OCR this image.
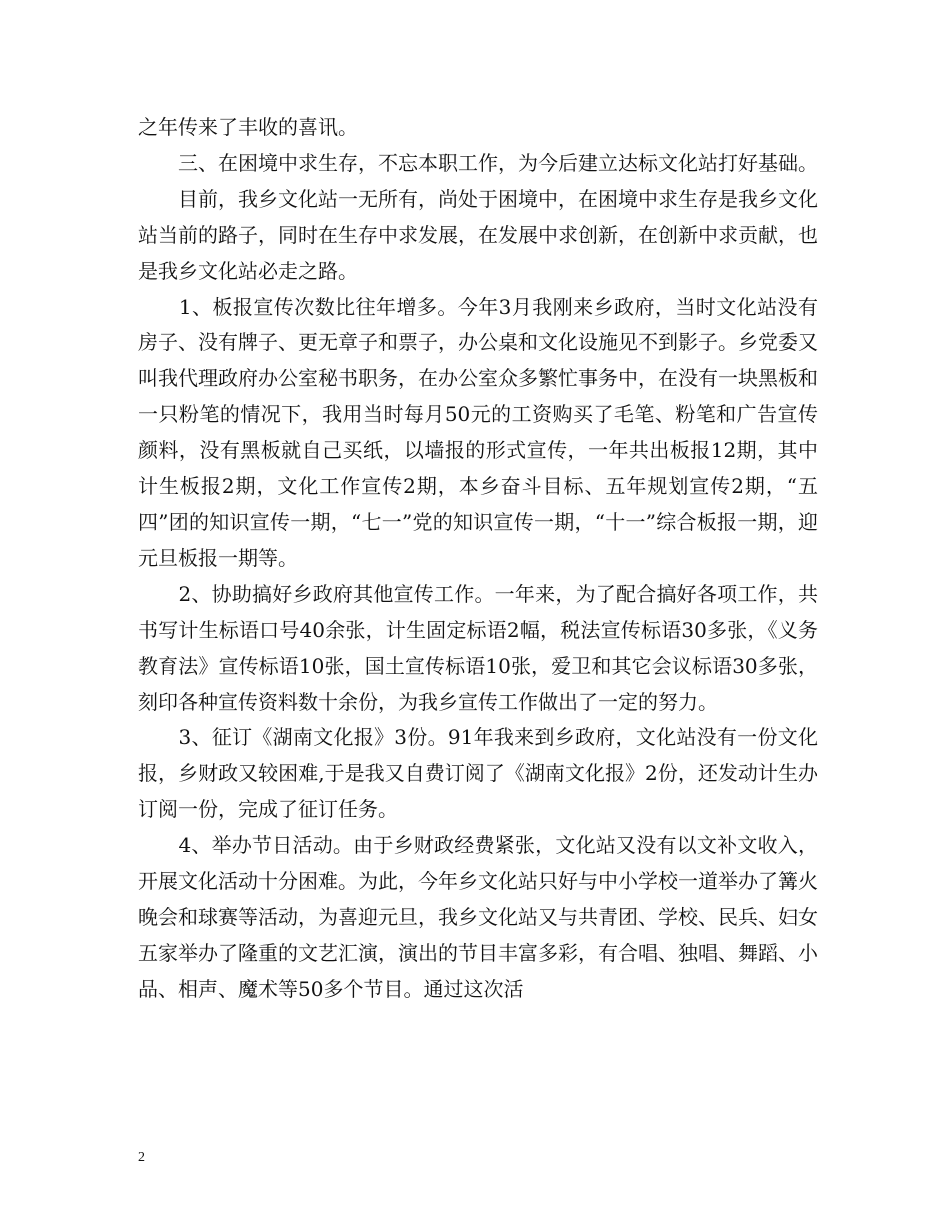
之年传来了丰收的喜讯。

　　三、在困境中求生存，不忘本职工作，为今后建立达标文化站打好基础。

　　目前，我乡文化站一无所有，尚处于困境中，在困境中求生存是我乡文化站当前的路子，同时在生存中求发展，在发展中求创新，在创新中求贡献，也是我乡文化站必走之路。

　　1、板报宣传次数比往年增多。今年3月我刚来乡政府，当时文化站没有房子、没有牌子、更无章子和票子，办公桌和文化设施见不到影子。乡党委又叫我代理政府办公室秘书职务，在办公室众多繁忙事务中，在没有一块黑板和一只粉笔的情况下，我用当时每月50元的工资购买了毛笔、粉笔和广告宣传颜料，没有黑板就自己买纸，以墙报的形式宣传，一年共出板报12期，其中计生板报2期，文化工作宣传2期，本乡奋斗目标、五年规划宣传2期，“五四”团的知识宣传一期，“七一”党的知识宣传一期，“十一”综合板报一期，迎元旦板报一期等。

　　2、协助搞好乡政府其他宣传工作。一年来，为了配合搞好各项工作，共书写计生标语口号40余张，计生固定标语2幅，税法宣传标语30多张，《义务教育法》宣传标语10张，国土宣传标语10张，爱卫和其它会议标语30多张，刻印各种宣传资料数十余份，为我乡宣传工作做出了一定的努力。

　　3、征订《湖南文化报》3份。91年我来到乡政府，文化站没有一份文化报，乡财政又较困难,于是我又自费订阅了《湖南文化报》2份，还发动计生办订阅一份，完成了征订任务。

　　4、举办节日活动。由于乡财政经费紧张，文化站又没有以文补文收入，开展文化活动十分困难。为此，今年乡文化站只好与中小学校一道举办了篝火晚会和球赛等活动，为喜迎元旦，我乡文化站又与共青团、学校、民兵、妇女五家举办了隆重的文艺汇演，演出的节目丰富多彩，有合唱、独唱、舞蹈、小品、相声、魔术等50多个节目。通过这次活

2
